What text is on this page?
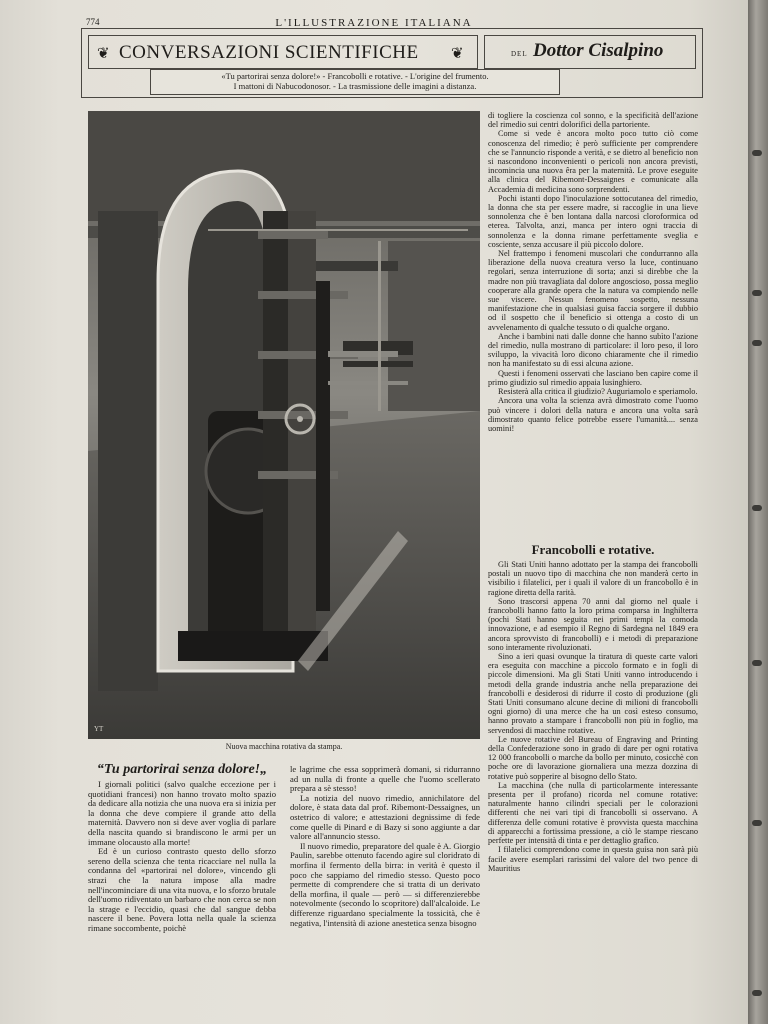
774	L'ILLUSTRAZIONE ITALIANA
❦ CONVERSAZIONI SCIENTIFICHE ❦	DEL Dottor Cisalpino
«Tu partorirai senza dolore!» - Francobolli e rotative. - L'origine del frumento.
I mattoni di Nabucodonosor. - La trasmissione delle imagini a distanza.
YT
Nuova macchina rotativa da stampa.
“Tu partorirai senza dolore!„

I giornali politici (salvo qualche eccezione per i quotidiani francesi) non hanno trovato molto spazio da dedicare alla notizia che una nuova era si inizia per la donna che deve compiere il grande atto della maternità. Davvero non si deve aver voglia di parlare della nascita quando si brandiscono le armi per un immane olocausto alla morte!

Ed è un curioso contrasto questo dello sforzo sereno della scienza che tenta ricacciare nel nulla la condanna del «partorirai nel dolore», vincendo gli strazi che la natura impose alla madre nell'incominciare di una vita nuova, e lo sforzo brutale dell'uomo ridiventato un barbaro che non cerca se non la strage e l'eccidio, quasi che dal sangue debba nascere il bene. Povera lotta nella quale la scienza rimane soccombente, poichè

le lagrime che essa sopprimerà domani, si ridurranno ad un nulla di fronte a quelle che l'uomo scellerato prepara a sè stesso!

La notizia del nuovo rimedio, annichilatore del dolore, è stata data dal prof. Ribemont-Dessaignes, un ostetrico di valore; e attestazioni degnissime di fede come quelle di Pinard e di Bazy si sono aggiunte a dar valore all'annuncio stesso.

Il nuovo rimedio, preparatore del quale è A. Giorgio Paulin, sarebbe ottenuto facendo agire sul cloridrato di morfina il fermento della birra: in verità è questo il poco che sappiamo del rimedio stesso. Questo poco permette di comprendere che si tratta di un derivato della morfina, il quale — però — si differenzierebbe notevolmente (secondo lo scopritore) dall'alcaloide. Le differenze riguardano specialmente la tossicità, che è negativa, l'intensità di azione anestetica senza bisogno

di togliere la coscienza col sonno, e la specificità dell'azione del rimedio sui centri dolorifici della partoriente.

Come si vede è ancora molto poco tutto ciò come conoscenza del rimedio; è però sufficiente per comprendere che se l'annuncio risponde a verità, e se dietro al beneficio non si nascondono inconvenienti o pericoli non ancora previsti, incomincia una nuova êra per la maternità. Le prove eseguite alla clinica del Ribemont-Dessaignes e comunicate alla Accademia di medicina sono sorprendenti.

Pochi istanti dopo l'inoculazione sottocutanea del rimedio, la donna che sta per essere madre, si raccoglie in una lieve sonnolenza che è ben lontana dalla narcosi cloroformica od eterea. Talvolta, anzi, manca per intero ogni traccia di sonnolenza e la donna rimane perfettamente sveglia e cosciente, senza accusare il più piccolo dolore.

Nel frattempo i fenomeni muscolari che condurranno alla liberazione della nuova creatura verso la luce, continuano regolari, senza interruzione di sorta; anzi si direbbe che la madre non più travagliata dal dolore angoscioso, possa meglio cooperare alla grande opera che la natura va compiendo nelle sue viscere. Nessun fenomeno sospetto, nessuna manifestazione che in qualsiasi guisa faccia sorgere il dubbio od il sospetto che il beneficio si ottenga a costo di un avvelenamento di qualche tessuto o di qualche organo.

Anche i bambini nati dalle donne che hanno subìto l'azione del rimedio, nulla mostrano di particolare: il loro peso, il loro sviluppo, la vivacità loro dicono chiaramente che il rimedio non ha manifestato su di essi alcuna azione.

Questi i fenomeni osservati che lasciano ben capire come il primo giudizio sul rimedio appaia lusinghiero.

Resisterà alla critica il giudizio? Auguriamolo e speriamolo.

Ancora una volta la scienza avrà dimostrato come l'uomo può vincere i dolori della natura e ancora una volta sarà dimostrato quanto felice potrebbe essere l'umanità.... senza uomini!

Francobolli e rotative.

Gli Stati Uniti hanno adottato per la stampa dei francobolli postali un nuovo tipo di macchina che non manderà certo in visibilio i filatelici, per i quali il valore di un francobollo è in ragione diretta della rarità.

Sono trascorsi appena 70 anni dal giorno nel quale i francobolli hanno fatto la loro prima comparsa in Inghilterra (pochi Stati hanno seguita nei primi tempi la comoda innovazione, e ad esempio il Regno di Sardegna nel 1849 era ancora sprovvisto di francobolli) e i metodi di preparazione sono interamente rivoluzionati.

Sino a ieri quasi ovunque la tiratura di queste carte valori era eseguita con macchine a piccolo formato e in fogli di piccole dimensioni. Ma gli Stati Uniti vanno introducendo i metodi della grande industria anche nella preparazione dei francobolli e desiderosi di ridurre il costo di produzione (gli Stati Uniti consumano alcune decine di milioni di francobolli ogni giorno) di una merce che ha un così esteso consumo, hanno provato a stampare i francobolli non più in foglio, ma servendosi di macchine rotative.

Le nuove rotative del Bureau of Engraving and Printing della Confederazione sono in grado di dare per ogni rotativa 12 000 francobolli o marche da bollo per minuto, cosicchè con poche ore di lavorazione giornaliera una mezza dozzina di rotative può sopperire al bisogno dello Stato.

La macchina (che nulla di particolarmente interessante presenta per il profano) ricorda nel comune rotative: naturalmente hanno cilindri speciali per le colorazioni differenti che nei vari tipi di francobolli si osservano. A differenza delle comuni rotative è provvista questa macchina di apparecchi a fortissima pressione, a ciò le stampe riescano perfette per intensità di tinta e per dettaglio grafico.

I filatelici comprendono come in questa guisa non sarà più facile avere esemplari rarissimi del valore del two pence di Mauritius
